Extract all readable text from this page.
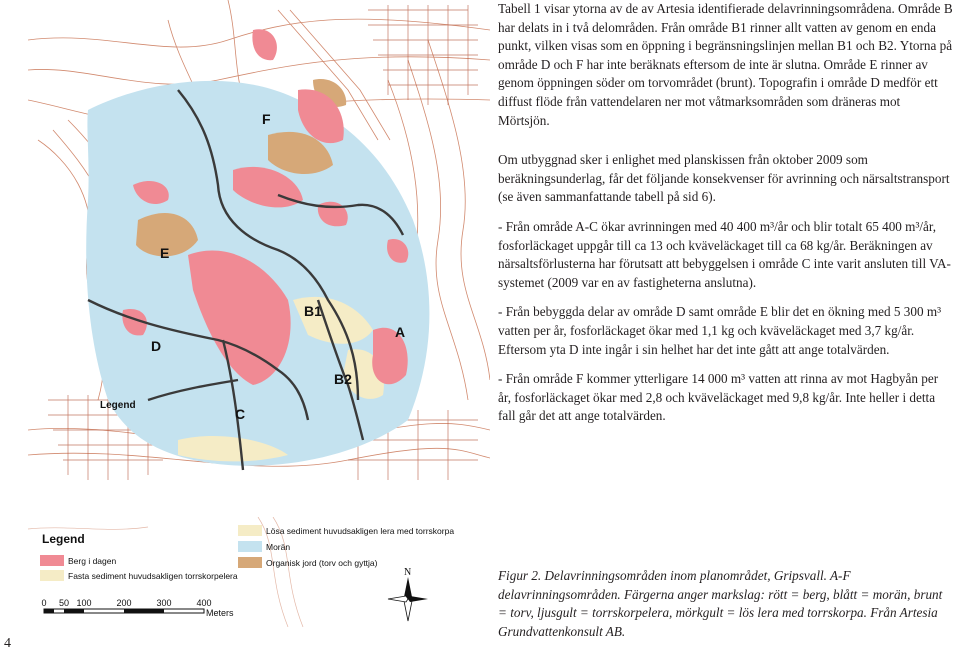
F
E
B1
A
D
B2
C
Legend
Legend
Berg i dagen
Fasta sediment huvudsakligen torrskorpelera
Lösa sediment huvudsakligen lera med torrskorpa
Morän
Organisk jord (torv och gyttja)
0 50 100	200	300	400
Meters
N

Tabell 1 visar ytorna av de av Artesia identifierade delavrinningsområdena. Område B har delats in i två delområden. Från område B1 rinner allt vatten av genom en enda punkt, vilken visas som en öppning i begränsningslinjen mellan B1 och B2. Ytorna på område D och F har inte beräknats eftersom de inte är slutna. Område E rinner av genom öppningen söder om torvområdet (brunt). Topografin i område D medför ett diffust flöde från vattendelaren ner mot våtmarksområden som dräneras mot Mörtsjön.

Om utbyggnad sker i enlighet med planskissen från oktober 2009 som beräkningsunderlag, får det följande konsekvenser för avrinning och närsaltstransport (se även sammanfattande tabell på sid 6).

- Från område A-C ökar avrinningen med 40 400 m³/år och blir totalt 65 400 m³/år, fosforläckaget uppgår till ca 13 och kväveläckaget till ca 68 kg/år. Beräkningen av närsaltsförlusterna har förutsatt att bebyggelsen i område C inte varit ansluten till VA-systemet (2009 var en av fastigheterna anslutna).

- Från bebyggda delar av område D samt område E blir det en ökning med 5 300 m³ vatten per år, fosforläckaget ökar med 1,1 kg och kväveläckaget med 3,7 kg/år. Eftersom yta D inte ingår i sin helhet har det inte gått att ange totalvärden.

- Från område F kommer ytterligare 14 000 m³ vatten att rinna av mot Hagbyån per år, fosforläckaget ökar med 2,8 och kväveläckaget med 9,8 kg/år. Inte heller i detta fall går det att ange totalvärden.

Figur 2. Delavrinningsområden inom planområdet, Gripsvall. A-F delavrinningsområden. Färgerna anger markslag: rött = berg, blått = morän, brunt = torv, ljusgult = torrskorpelera, mörkgult = lös lera med torrskorpa. Från Artesia Grundvattenkonsult AB.
4
